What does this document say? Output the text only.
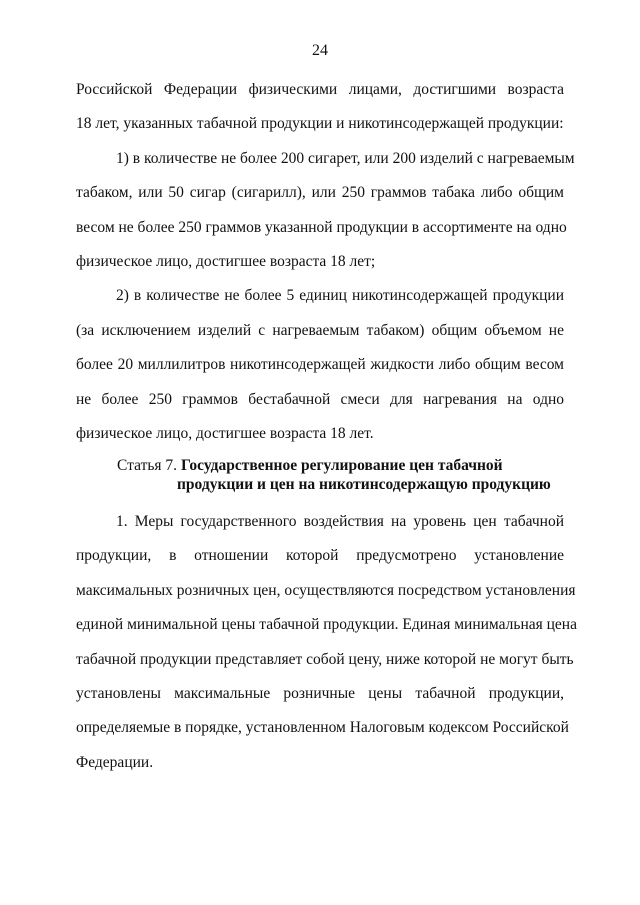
24
Российской Федерации физическими лицами, достигшими возраста
18 лет, указанных табачной продукции и никотинсодержащей продукции:
1) в количестве не более 200 сигарет, или 200 изделий с нагреваемым
табаком, или 50 сигар (сигарилл), или 250 граммов табака либо общим
весом не более 250 граммов указанной продукции в ассортименте на одно
физическое лицо, достигшее возраста 18 лет;
2) в количестве не более 5 единиц никотинсодержащей продукции
(за исключением изделий с нагреваемым табаком) общим объемом не
более 20 миллилитров никотинсодержащей жидкости либо общим весом
не более 250 граммов бестабачной смеси для нагревания на одно
физическое лицо, достигшее возраста 18 лет.
Статья 7. Государственное регулирование цен табачной
продукции и цен на никотинсодержащую продукцию
1. Меры государственного воздействия на уровень цен табачной
продукции, в отношении которой предусмотрено установление
максимальных розничных цен, осуществляются посредством установления
единой минимальной цены табачной продукции. Единая минимальная цена
табачной продукции представляет собой цену, ниже которой не могут быть
установлены максимальные розничные цены табачной продукции,
определяемые в порядке, установленном Налоговым кодексом Российской
Федерации.
